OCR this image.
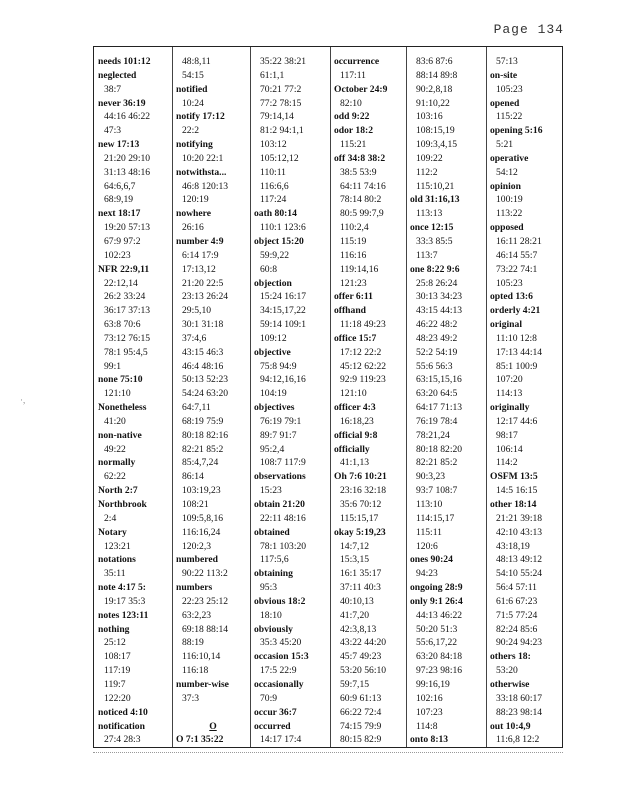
Page 134
·,
needs 101:12
neglected
38:7
never 36:19
44:16 46:22
47:3
new 17:13
21:20 29:10
31:13 48:16
64:6,6,7
68:9,19
next 18:17
19:20 57:13
67:9 97:2
102:23
NFR 22:9,11
22:12,14
26:2 33:24
36:17 37:13
63:8 70:6
73:12 76:15
78:1 95:4,5
99:1
none 75:10
121:10
Nonetheless
41:20
non-native
49:22
normally
62:22
North 2:7
Northbrook
2:4
Notary
123:21
notations
35:11
note 4:17 5:
19:17 35:3
notes 123:11
nothing
25:12
108:17
117:19
119:7
122:20
noticed 4:10
notification
27:4 28:3
48:8,11
54:15
notified
10:24
notify 17:12
22:2
notifying
10:20 22:1
notwithsta...
46:8 120:13
120:19
nowhere
26:16
number 4:9
6:14 17:9
17:13,12
21:20 22:5
23:13 26:24
29:5,10
30:1 31:18
37:4,6
43:15 46:3
46:4 48:16
50:13 52:23
54:24 63:20
64:7,11
68:19 75:9
80:18 82:16
82:21 85:2
85:4,7,24
86:14
103:19,23
108:21
109:5,8,16
116:16,24
120:2,3
numbered
90:22 113:2
numbers
22:23 25:12
63:2,23
69:18 88:14
88:19
116:10,14
116:18
number-wise
37:3
O
O 7:1 35:22
35:22 38:21
61:1,1
70:21 77:2
77:2 78:15
79:14,14
81:2 94:1,1
103:12
105:12,12
110:11
116:6,6
117:24
oath 80:14
110:1 123:6
object 15:20
59:9,22
60:8
objection
15:24 16:17
34:15,17,22
59:14 109:1
109:12
objective
75:8 94:9
94:12,16,16
104:19
objectives
76:19 79:1
89:7 91:7
95:2,4
108:7 117:9
observations
15:23
obtain 21:20
22:11 48:16
obtained
78:1 103:20
117:5,6
obtaining
95:3
obvious 18:2
18:10
obviously
35:3 45:20
occasion 15:3
17:5 22:9
occasionally
70:9
occur 36:7
occurred
14:17 17:4
occurrence
117:11
October 24:9
82:10
odd 9:22
odor 18:2
115:21
off 34:8 38:2
38:5 53:9
64:11 74:16
78:14 80:2
80:5 99:7,9
110:2,4
115:19
116:16
119:14,16
121:23
offer 6:11
offhand
11:18 49:23
office 15:7
17:12 22:2
45:12 62:22
92:9 119:23
121:10
officer 4:3
16:18,23
official 9:8
officially
41:1,13
Oh 7:6 10:21
23:16 32:18
35:6 70:12
115:15,17
okay 5:19,23
14:7,12
15:3,15
16:1 35:17
37:11 40:3
40:10,13
41:7,20
42:3,8,13
43:22 44:20
45:7 49:23
53:20 56:10
59:7,15
60:9 61:13
66:22 72:4
74:15 79:9
80:15 82:9
83:6 87:6
88:14 89:8
90:2,8,18
91:10,22
103:16
108:15,19
109:3,4,15
109:22
112:2
115:10,21
old 31:16,13
113:13
once 12:15
33:3 85:5
113:7
one 8:22 9:6
25:8 26:24
30:13 34:23
43:15 44:13
46:22 48:2
48:23 49:2
52:2 54:19
55:6 56:3
63:15,15,16
63:20 64:5
64:17 71:13
76:19 78:4
78:21,24
80:18 82:20
82:21 85:2
90:3,23
93:7 108:7
113:10
114:15,17
115:11
120:6
ones 90:24
94:23
ongoing 28:9
only 9:1 26:4
44:13 46:22
50:20 51:3
55:6,17,22
63:20 84:18
97:23 98:16
99:16,19
102:16
107:23
114:8
onto 8:13
57:13
on-site
105:23
opened
115:22
opening 5:16
5:21
operative
54:12
opinion
100:19
113:22
opposed
16:11 28:21
46:14 55:7
73:22 74:1
105:23
opted 13:6
orderly 4:21
original
11:10 12:8
17:13 44:14
85:1 100:9
107:20
114:13
originally
12:17 44:6
98:17
106:14
114:2
OSFM 13:5
14:5 16:15
other 18:14
21:21 39:18
42:10 43:13
43:18,19
48:13 49:12
54:10 55:24
56:4 57:11
61:6 67:23
71:5 77:24
82:24 85:6
90:24 94:23
others 18:
53:20
otherwise
33:18 60:17
88:23 98:14
out 10:4,9
11:6,8 12:2
